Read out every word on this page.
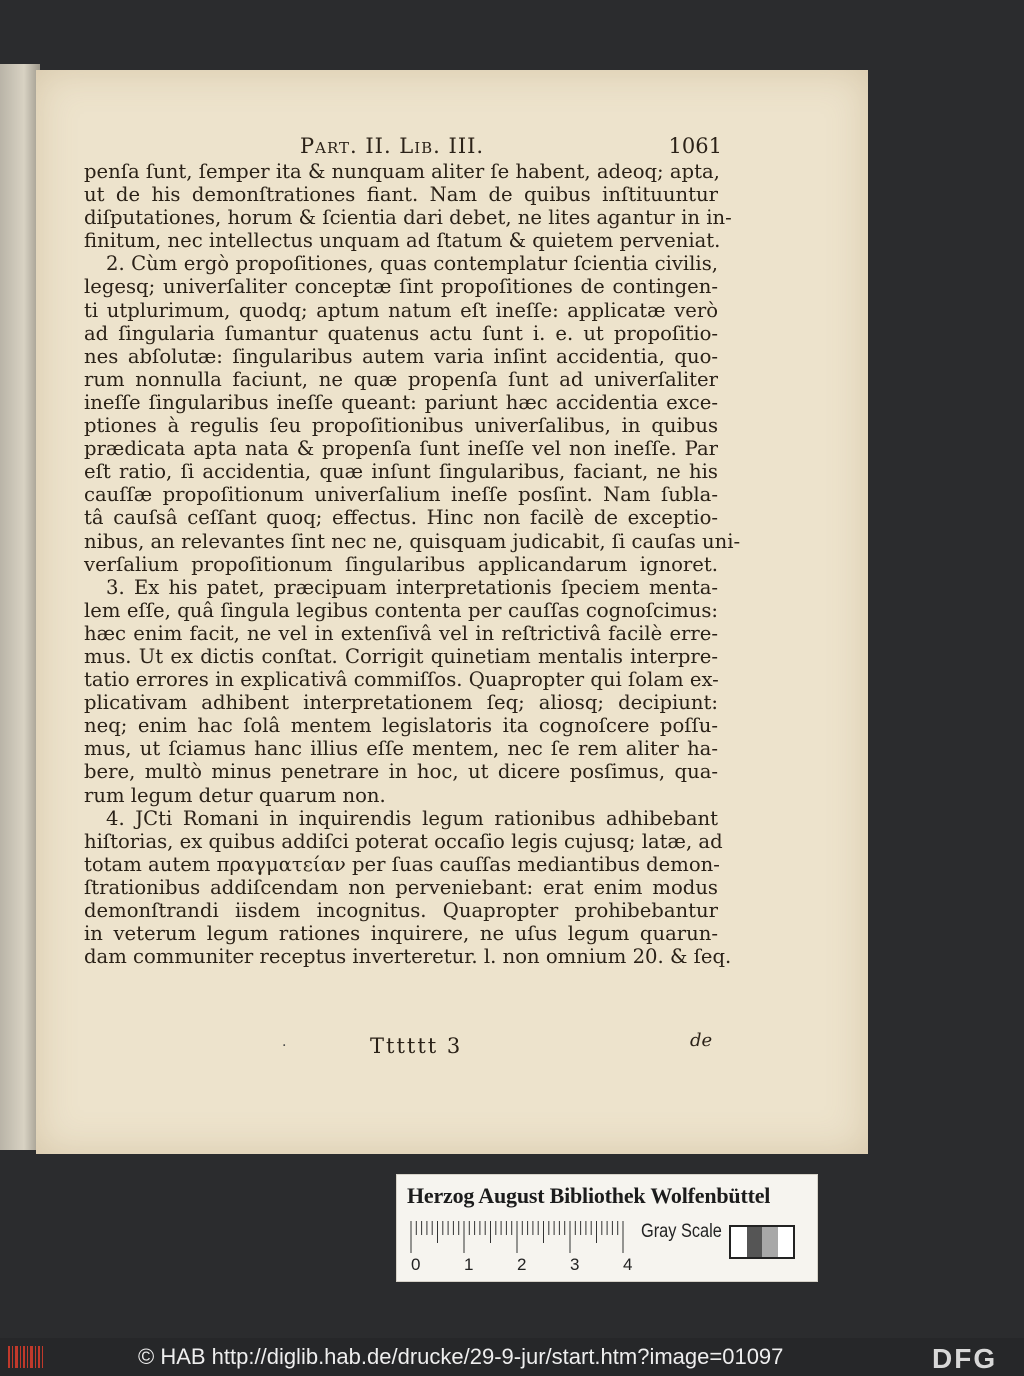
Part. II. Lib. III.	1061
penſa ſunt, ſemper ita & nunquam aliter ſe habent, adeoq; apta,
ut de his demonſtrationes fiant. Nam de quibus inſtituuntur
diſputationes, horum & ſcientia dari debet, ne lites agantur in in-
finitum, nec intellectus unquam ad ſtatum & quietem perveniat.
2. Cùm ergò propoſitiones, quas contemplatur ſcientia civilis,
legesq; univerſaliter conceptæ ſint propoſitiones de contingen-
ti utplurimum, quodq; aptum natum eſt ineſſe: applicatæ verò
ad ſingularia ſumantur quatenus actu ſunt i. e. ut propoſitio-
nes abſolutæ: ſingularibus autem varia inſint accidentia, quo-
rum nonnulla faciunt, ne quæ propenſa ſunt ad univerſaliter
ineſſe ſingularibus ineſſe queant: pariunt hæc accidentia exce-
ptiones à regulis ſeu propoſitionibus univerſalibus, in quibus
prædicata apta nata & propenſa ſunt ineſſe vel non ineſſe. Par
eſt ratio, ſi accidentia, quæ inſunt ſingularibus, faciant, ne his
cauſſæ propoſitionum univerſalium ineſſe posſint. Nam ſubla-
tâ cauſsâ ceſſant quoq; effectus. Hinc non facilè de exceptio-
nibus, an relevantes ſint nec ne, quisquam judicabit, ſi cauſas uni-
verſalium propoſitionum ſingularibus applicandarum ignoret.
3. Ex his patet, præcipuam interpretationis ſpeciem menta-
lem eſſe, quâ ſingula legibus contenta per cauſſas cognoſcimus:
hæc enim facit, ne vel in extenſivâ vel in reſtrictivâ facilè erre-
mus. Ut ex dictis conſtat. Corrigit quinetiam mentalis interpre-
tatio errores in explicativâ commiſſos. Quapropter qui ſolam ex-
plicativam adhibent interpretationem ſeq; aliosq; decipiunt:
neq; enim hac ſolâ mentem legislatoris ita cognoſcere poſſu-
mus, ut ſciamus hanc illius eſſe mentem, nec ſe rem aliter ha-
bere, multò minus penetrare in hoc, ut dicere posſimus, qua-
rum legum detur quarum non.
4. JCti Romani in inquirendis legum rationibus adhibebant
hiſtorias, ex quibus addiſci poterat occaſio legis cujusq; latæ, ad
totam autem πραγματείαν per ſuas cauſſas mediantibus demon-
ſtrationibus addiſcendam non perveniebant: erat enim modus
demonſtrandi iisdem incognitus. Quapropter prohibebantur
in veterum legum rationes inquirere, ne uſus legum quarun-
dam communiter receptus inverteretur. l. non omnium 20. & ſeq.
·	Tttttt 3	de
Herzog August Bibliothek Wolfenbüttel
0	1	2	3	4
Gray Scale
© HAB http://diglib.hab.de/drucke/29-9-jur/start.htm?image=01097	DFG
